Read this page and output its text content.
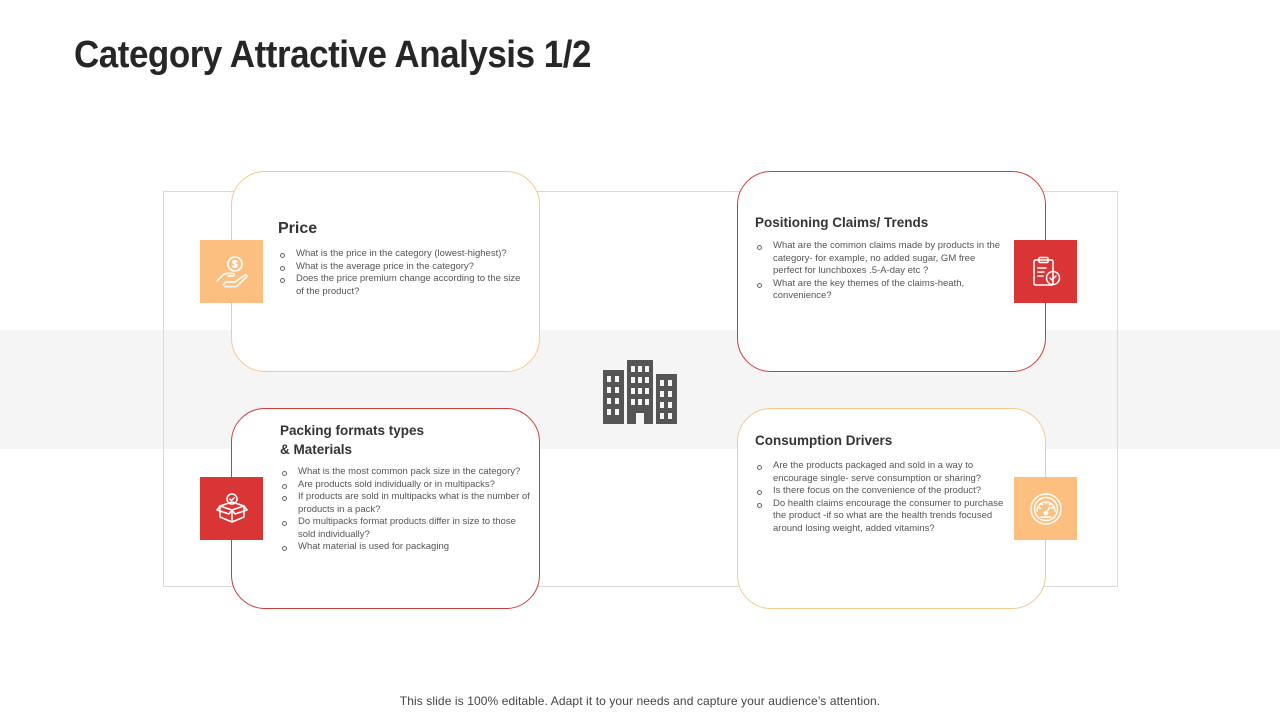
Category Attractive Analysis 1/2
Price
What is the price in the category (lowest-highest)?
What is the average price in the category?
Does the price premium change according to the size of the product?
Positioning Claims/ Trends
What are the common claims made by products in the category- for example, no added sugar, GM free perfect for lunchboxes .5-A-day etc ?
What are the key themes of the claims-heath, convenience?
Packing formats types
& Materials
What is the most common pack size in the category?
Are products sold individually or in multipacks?
If products are sold in multipacks what is the number of products in a pack?
Do multipacks format products differ in size to those sold individually?
What material is used for packaging
Consumption Drivers
Are the products packaged and sold in a way to encourage single- serve consumption or sharing?
Is there focus on the convenience of the product?
Do health claims encourage the consumer to purchase the product -if so what are the health trends focused around losing weight, added vitamins?
This slide is 100% editable. Adapt it to your needs and capture your audience’s attention.
